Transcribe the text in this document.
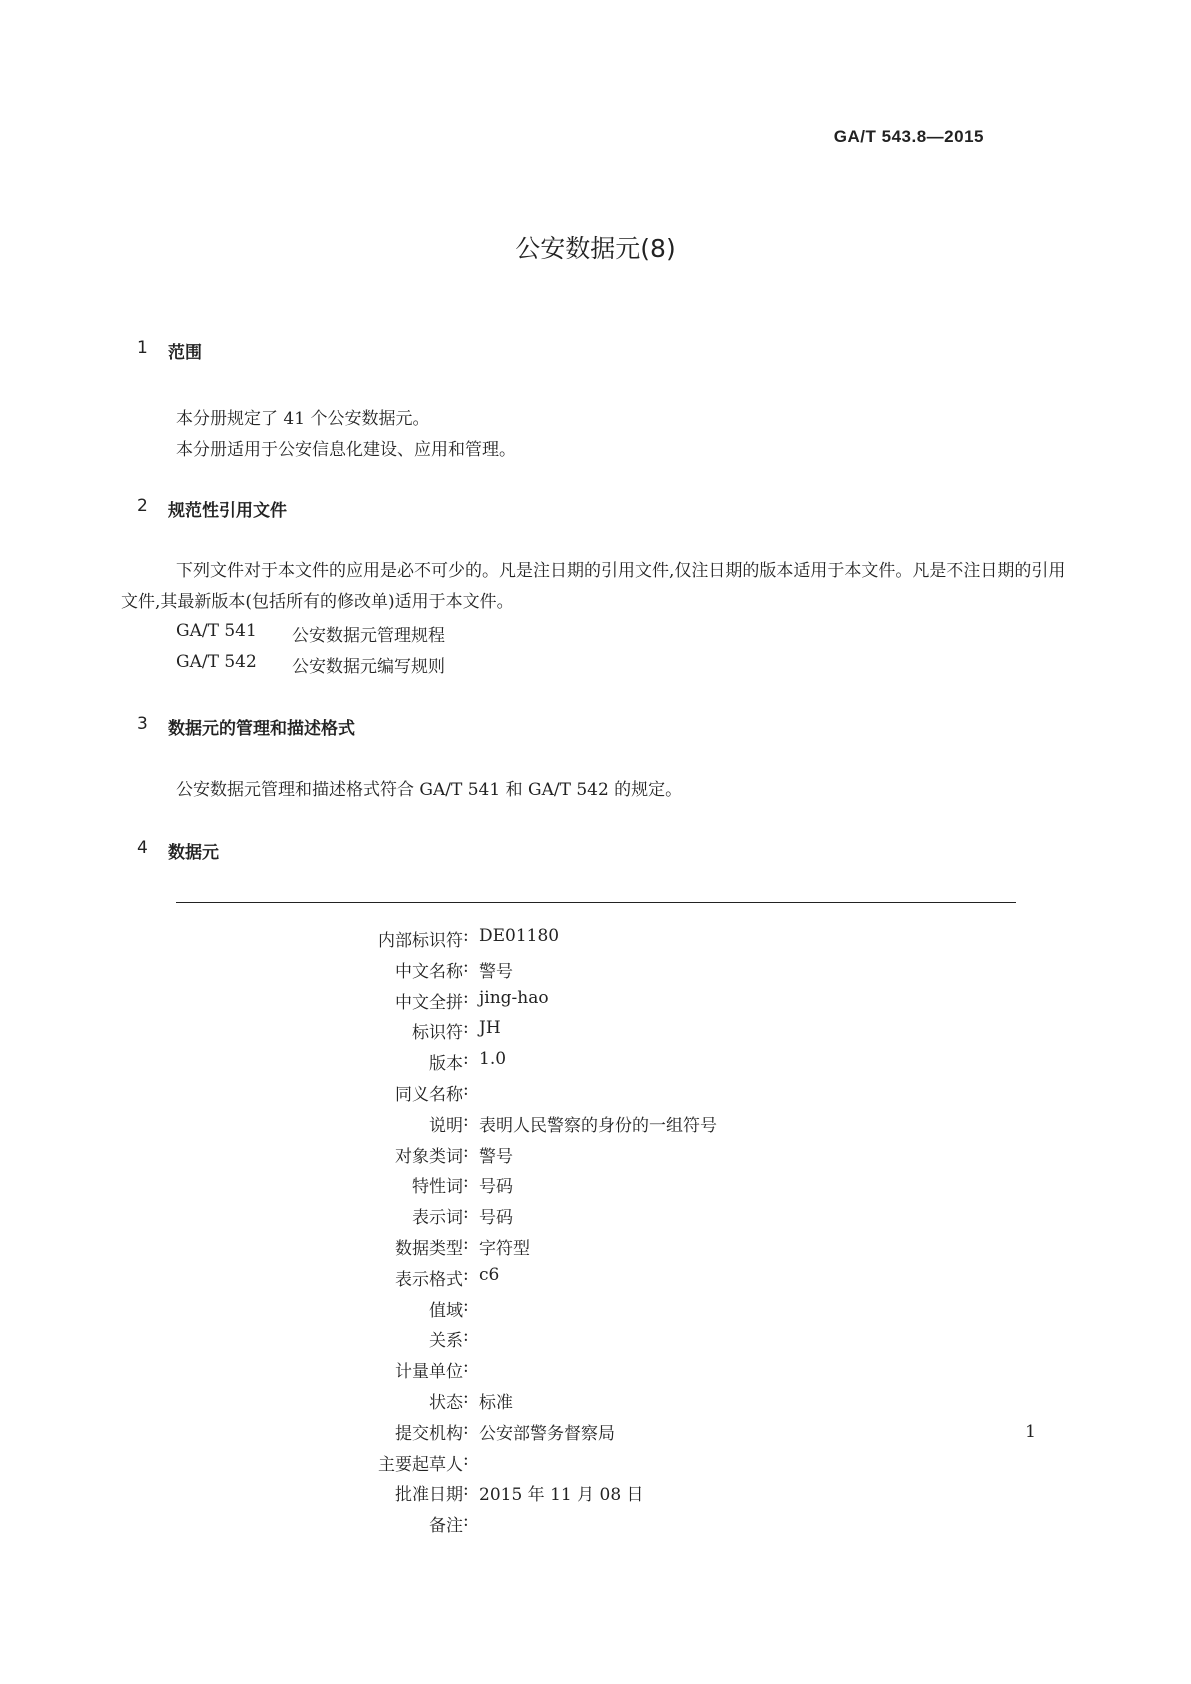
GA/T 543.8—2015
公安数据元(8)
1 范围
本分册规定了 41 个公安数据元。
本分册适用于公安信息化建设、应用和管理。
2 规范性引用文件
下列文件对于本文件的应用是必不可少的。凡是注日期的引用文件,仅注日期的版本适用于本文件。凡是不注日期的引用文件,其最新版本(包括所有的修改单)适用于本文件。
GA/T 541 公安数据元管理规程
GA/T 542 公安数据元编写规则
3 数据元的管理和描述格式
公安数据元管理和描述格式符合 GA/T 541 和 GA/T 542 的规定。
4 数据元
内部标识符 : DE01180
中文名称 : 警号
中文全拼 : jing-hao
标识符 : JH
版本 : 1.0
同义名称 :
说明 : 表明人民警察的身份的一组符号
对象类词 : 警号
特性词 : 号码
表示词 : 号码
数据类型 : 字符型
表示格式 : c6
值域 :
关系 :
计量单位 :
状态 : 标准
提交机构 : 公安部警务督察局
主要起草人 :
批准日期 : 2015 年 11 月 08 日
备注 :
1
